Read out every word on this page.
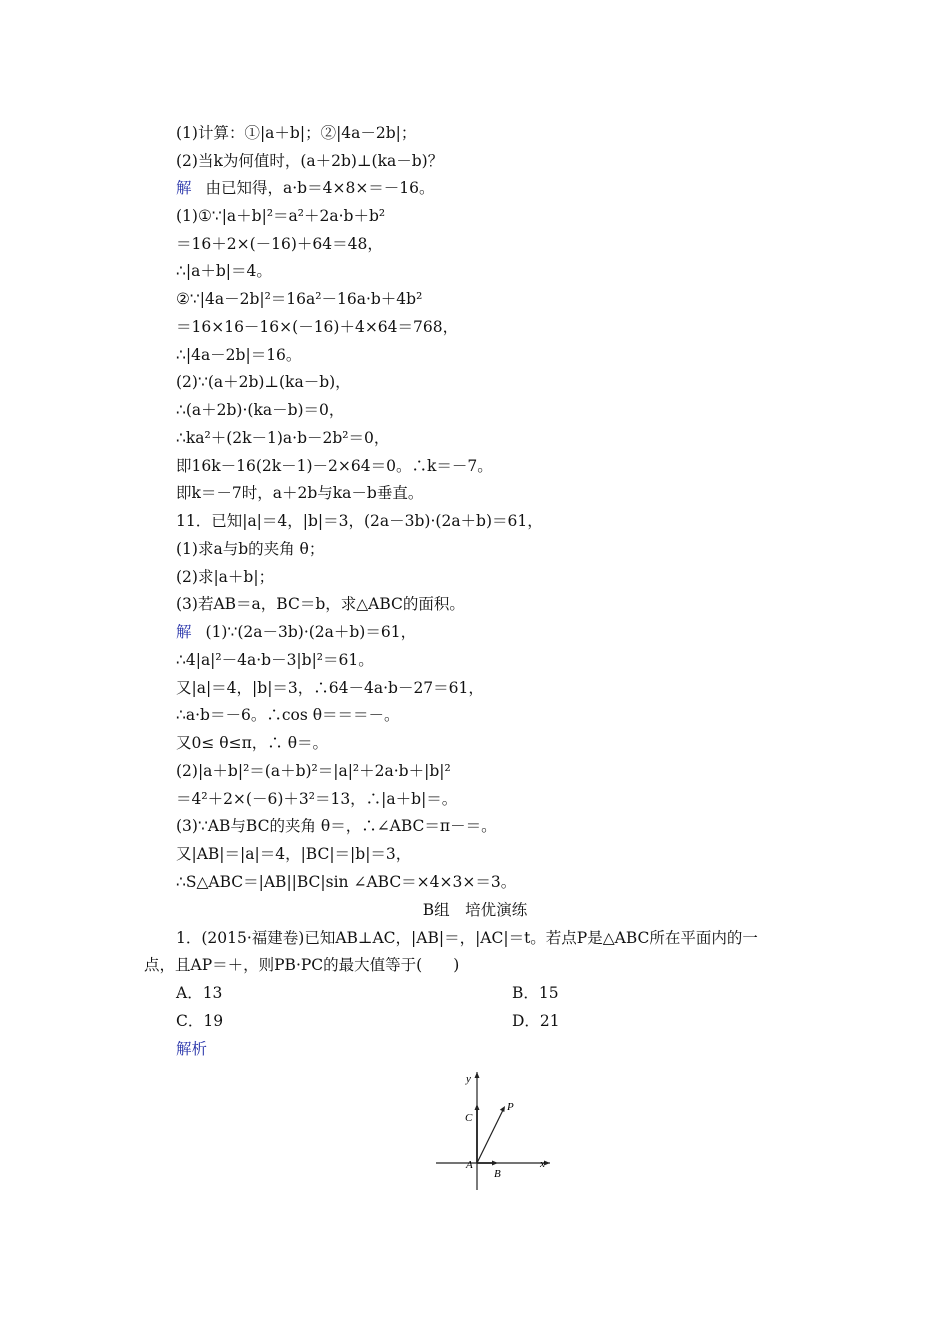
(1)计算：①|a＋b|；②|4a－2b|；
(2)当k为何值时，(a＋2b)⊥(ka－b)？
解 由已知得，a·b＝4×8×＝－16。
(1)①∵|a＋b|²＝a²＋2a·b＋b²
＝16＋2×(－16)＋64＝48，
∴|a＋b|＝4。
②∵|4a－2b|²＝16a²－16a·b＋4b²
＝16×16－16×(－16)＋4×64＝768，
∴|4a－2b|＝16。
(2)∵(a＋2b)⊥(ka－b)，
∴(a＋2b)·(ka－b)＝0，
∴ka²＋(2k－1)a·b－2b²＝0，
即16k－16(2k－1)－2×64＝0。∴k＝－7。
即k＝－7时，a＋2b与ka－b垂直。
11．已知|a|＝4，|b|＝3，(2a－3b)·(2a＋b)＝61，
(1)求a与b的夹角 θ；
(2)求|a＋b|；
(3)若AB＝a，BC＝b，求△ABC的面积。
解 (1)∵(2a－3b)·(2a＋b)＝61，
∴4|a|²－4a·b－3|b|²＝61。
又|a|＝4，|b|＝3，∴64－4a·b－27＝61，
∴a·b＝－6。∴cos θ＝＝＝－。
又0≤ θ≤π，∴ θ＝。
(2)|a＋b|²＝(a＋b)²＝|a|²＋2a·b＋|b|²
＝4²＋2×(－6)＋3²＝13，∴|a＋b|＝。
(3)∵AB与BC的夹角 θ＝，∴∠ABC＝π－＝。
又|AB|＝|a|＝4，|BC|＝|b|＝3，
∴S△ABC＝|AB||BC|sin ∠ABC＝×4×3×＝3。
B组　培优演练
1．(2015·福建卷)已知AB⊥AC，|AB|＝，|AC|＝t。若点P是△ABC所在平面内的一
点，且AP＝＋，则PB·PC的最大值等于(　　)
A．13	B．15
C．19	D．21
解析
y
x
A
B
C
P
